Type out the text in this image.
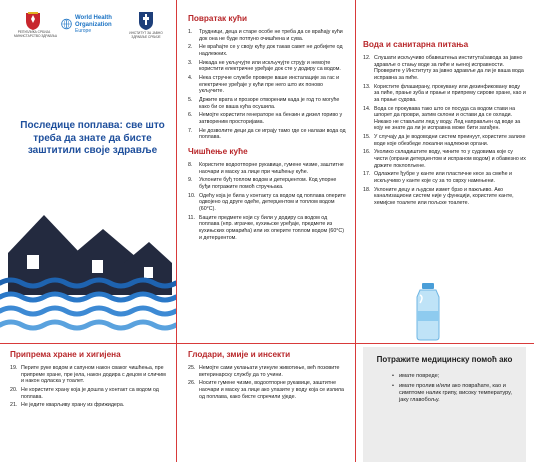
РЕПУБЛИКА СРБИЈА
МИНИСТАРСТВО ЗДРАВЉА
World Health Organization
Europe	ИНСТИТУТ ЗА ЈАВНО ЗДРАВЉЕ СРБИЈЕ
Последице поплава: све што треба да знате да бисте заштитили своје здравље
Повратак кући
1.	Трудници, деца и старе особе не треба да се враћају кући док она не буде потпуно очишћена и сува.
2.	Не враћајте се у своју кућу док такав савет не добијете од надлежних.
3.	Никада не укључујте или искључујте струју и немојте користити електричне уређаје док сте у додиру са водом.
4.	Нека стручне службе провере ваше инсталације за гас и електричне уређаје у кући пре него што их поново укључите.
5.	Држите врата и прозоре отвореним када је год то могуће како би се ваша кућа осушила.
6.	Немојте користити генераторе на бензин и дизел гориво у затвореним просторијама.
7.	Не дозволите деци да се играју тамо где се налази вода од поплава.
Чишћење куће
8.	Користите водоотпорне рукавице, гумене чизме, заштитне наочари и маску за лице при чишћењу куће.
9.	Уклоните буђ топлом водом и детерџентом. Код упорне буђи потражите помоћ стручњака.
10. Одећу која је била у контакту са водом од поплава оперите одвојено од друге одеће, детерџентом и топлом водом (60°С).
11. Баците предмете који су били у додиру са водом од поплава (нпр. играчке, кухињске уређаје, предмете из кухињских ормарића) или их оперите топлом водом (60°С) и детерџентом.
Вода и санитарна питања
12. Слушати искључиво обавештења института/завода за јавно здравље о стању воде за пиће и њеној исправности. Проверите у Институту за јавно здравље да ли је ваша вода исправна за пиће.
13. Користите флаширану, прокувану или дезинфиковану воду за пиће, прање зуба и прање и припрему сирове хране, као и за прање судова.
14. Вода се прокувава тако што се посуда са водом стави на шпорет да проври, затим склони и остави да се охлади. Никако не стављати лед у воду. Лед направљен од воде за коју не знате да ли је исправна може бити загађен.
15. У случају да је водоводни систем преинуут, користите залихе воде које обезбеде локални надлежни органи.
16. Уколико складиштите воду, чините то у судовима које су чисти (опрани детерџентом и испраном водом) и обавезно их држите поклопљене.
17. Одлажите ђубре у канте или пластичне кесе за смеће и искључиво у канте које су за то сврху намењени.
18. Уклоните децу и људски измет брзо и пажљиво. Ако канализациони систем није у функцији, користите канте, хемијске тоалете или пољске тоалете.
Припрема хране и хигијена
19. Перите руке водом и сапуном након сваког чишћења, пре припреме хране, пре јела, након додира с децом и сличим и након одласка у тоалет.
20. Не користите храну која је дошла у контакт са водом од поплава.
21. Не једите кварљиву храну из фрижидера.
Глодари, змије и инсекти
25. Немојте сами уклањати угинуле животиње, већ позовите ветеринарску службу да то учини.
26. Носите гумене чизме, водоотпорне рукавице, заштитне наочари и маску за лице ако улазите у воду која се излила од поплава, како бисте спречили уједе.
Потражите медицинску помоћ ако
• имате повреде;
• имате пролив и/или ако повраћате, као и симптоме налик грипу, високу температуру, јаку главобољу.
